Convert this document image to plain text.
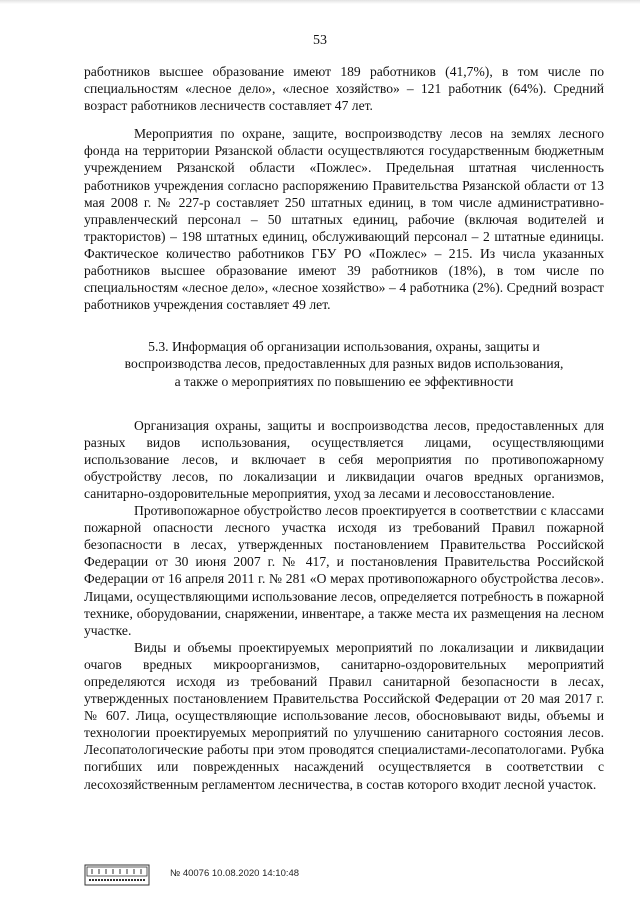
53

работников высшее образование имеют 189 работников (41,7%), в том числе по специальностям «лесное дело», «лесное хозяйство» – 121 работник (64%). Средний возраст работников лесничеств составляет 47 лет.

Мероприятия по охране, защите, воспроизводству лесов на землях лесного фонда на территории Рязанской области осуществляются государственным бюджетным учреждением Рязанской области «Пожлес». Предельная штатная численность работников учреждения согласно распоряжению Правительства Рязанской области от 13 мая 2008 г. № 227-р составляет 250 штатных единиц, в том числе административно-управленческий персонал – 50 штатных единиц, рабочие (включая водителей и трактористов) – 198 штатных единиц, обслуживающий персонал – 2 штатные единицы. Фактическое количество работников ГБУ РО «Пожлес» – 215. Из числа указанных работников высшее образование имеют 39 работников (18%), в том числе по специальностям «лесное дело», «лесное хозяйство» – 4 работника (2%). Средний возраст работников учреждения составляет 49 лет.

5.3. Информация об организации использования, охраны, защиты и
воспроизводства лесов, предоставленных для разных видов использования,
а также о мероприятиях по повышению ее эффективности

Организация охраны, защиты и воспроизводства лесов, предоставленных для разных видов использования, осуществляется лицами, осуществляющими использование лесов, и включает в себя мероприятия по противопожарному обустройству лесов, по локализации и ликвидации очагов вредных организмов, санитарно-оздоровительные мероприятия, уход за лесами и лесовосстановление.

Противопожарное обустройство лесов проектируется в соответствии с классами пожарной опасности лесного участка исходя из требований Правил пожарной безопасности в лесах, утвержденных постановлением Правительства Российской Федерации от 30 июня 2007 г. № 417, и постановления Правительства Российской Федерации от 16 апреля 2011 г. № 281 «О мерах противопожарного обустройства лесов». Лицами, осуществляющими использование лесов, определяется потребность в пожарной технике, оборудовании, снаряжении, инвентаре, а также места их размещения на лесном участке.

Виды и объемы проектируемых мероприятий по локализации и ликвидации очагов вредных микроорганизмов, санитарно-оздоровительных мероприятий определяются исходя из требований Правил санитарной безопасности в лесах, утвержденных постановлением Правительства Российской Федерации от 20 мая 2017 г. № 607. Лица, осуществляющие использование лесов, обосновывают виды, объемы и технологии проектируемых мероприятий по улучшению санитарного состояния лесов. Лесопатологические работы при этом проводятся специалистами-лесопатологами. Рубка погибших или поврежденных насаждений осуществляется в соответствии с лесохозяйственным регламентом лесничества, в состав которого входит лесной участок.

№ 40076 10.08.2020 14:10:48
